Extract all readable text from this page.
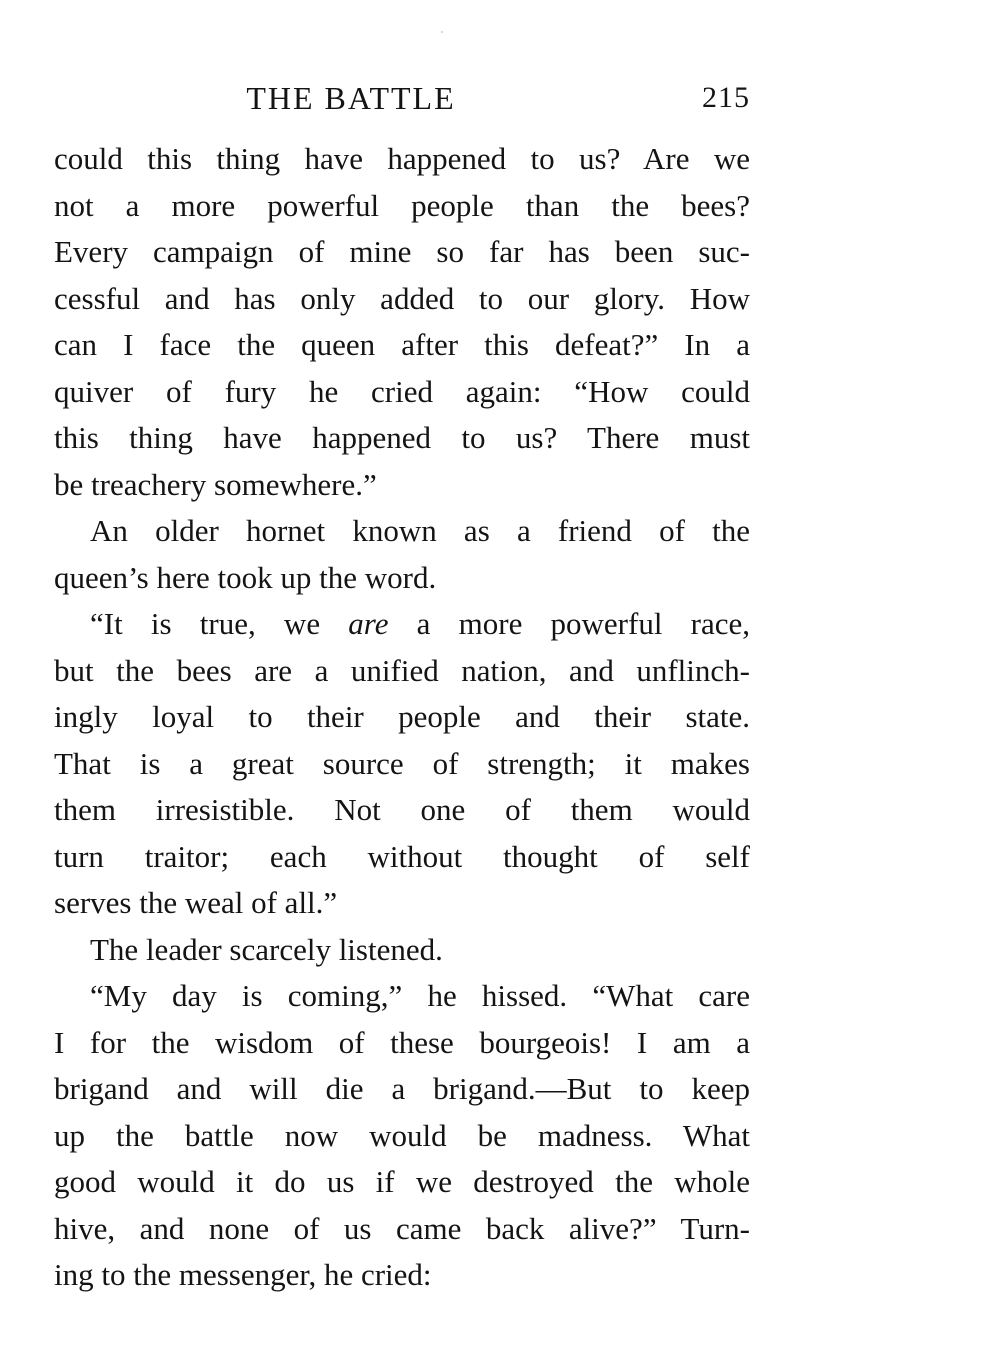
THE BATTLE	215
could this thing have happened to us? Are we
not a more powerful people than the bees?
Every campaign of mine so far has been suc-
cessful and has only added to our glory. How
can I face the queen after this defeat?” In a
quiver of fury he cried again: “How could
this thing have happened to us? There must
be treachery somewhere.”
An older hornet known as a friend of the
queen’s here took up the word.
“It is true, we are a more powerful race,
but the bees are a unified nation, and unflinch-
ingly loyal to their people and their state.
That is a great source of strength; it makes
them irresistible. Not one of them would
turn traitor; each without thought of self
serves the weal of all.”
The leader scarcely listened.
“My day is coming,” he hissed. “What care
I for the wisdom of these bourgeois! I am a
brigand and will die a brigand.—But to keep
up the battle now would be madness. What
good would it do us if we destroyed the whole
hive, and none of us came back alive?” Turn-
ing to the messenger, he cried:
